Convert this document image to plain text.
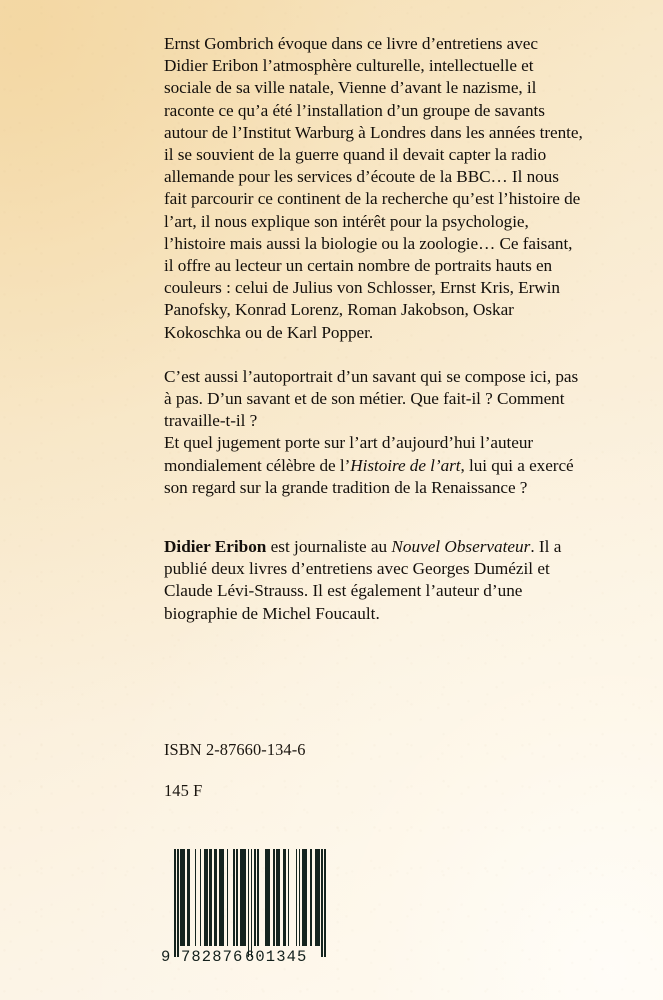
Ernst Gombrich évoque dans ce livre d’entretiens avec Didier Eribon l’atmosphère culturelle, intellectuelle et sociale de sa ville natale, Vienne d’avant le nazisme, il raconte ce qu’a été l’installation d’un groupe de savants autour de l’Institut Warburg à Londres dans les années trente, il se souvient de la guerre quand il devait capter la radio allemande pour les services d’écoute de la BBC… Il nous fait parcourir ce continent de la recherche qu’est l’histoire de l’art, il nous explique son intérêt pour la psychologie, l’histoire mais aussi la biologie ou la zoologie… Ce faisant, il offre au lecteur un certain nombre de portraits hauts en couleurs : celui de Julius von Schlosser, Ernst Kris, Erwin Panofsky, Konrad Lorenz, Roman Jakobson, Oskar Kokoschka ou de Karl Popper.

C’est aussi l’autoportrait d’un savant qui se compose ici, pas à pas. D’un savant et de son métier. Que fait-il ? Comment travaille-t-il ?

Et quel jugement porte sur l’art d’aujourd’hui l’auteur mondialement célèbre de l’Histoire de l’art, lui qui a exercé son regard sur la grande tradition de la Renaissance ?

Didier Eribon est journaliste au Nouvel Observateur. Il a publié deux livres d’entretiens avec Georges Dumézil et Claude Lévi-Strauss. Il est également l’auteur d’une biographie de Michel Foucault.
ISBN 2-87660-134-6
145 F
9 782876 601345
